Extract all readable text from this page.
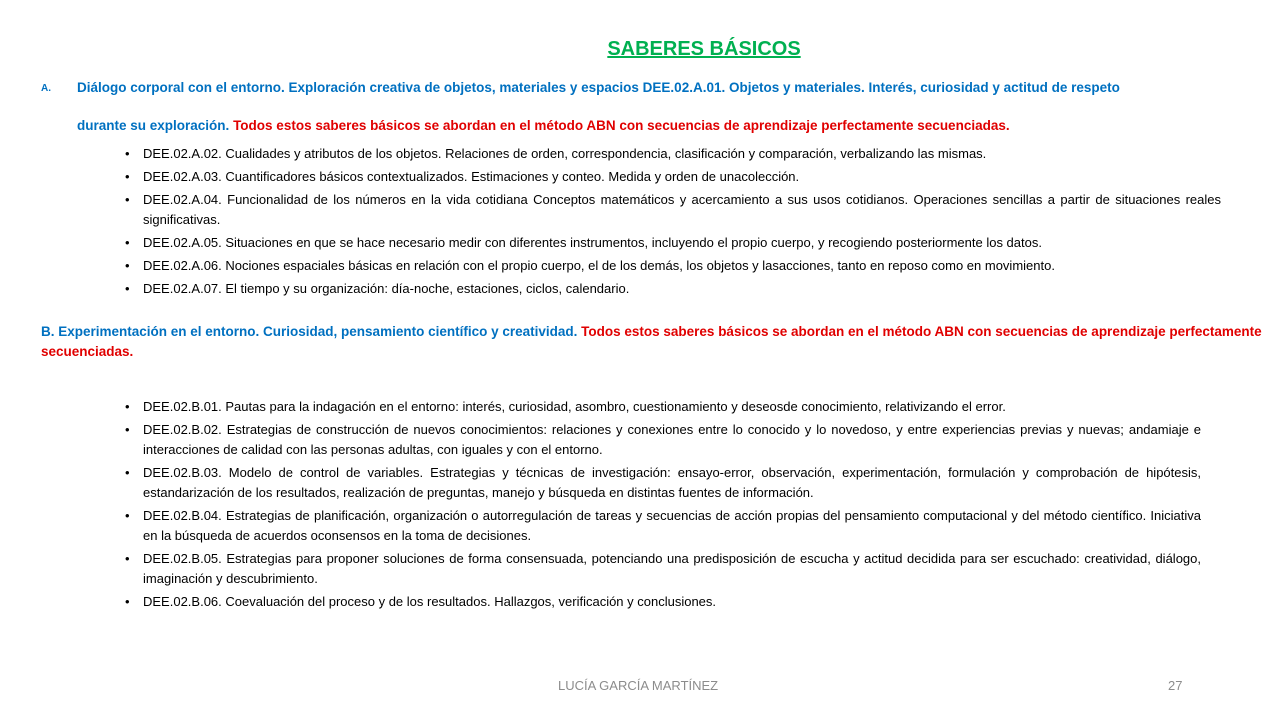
SABERES BÁSICOS
A. Diálogo corporal con el entorno. Exploración creativa de objetos, materiales y espacios DEE.02.A.01. Objetos y materiales. Interés, curiosidad y actitud de respeto
durante su exploración. Todos estos saberes básicos se abordan en el método ABN con secuencias de aprendizaje perfectamente secuenciadas.
• DEE.02.A.02. Cualidades y atributos de los objetos. Relaciones de orden, correspondencia, clasificación y comparación, verbalizando las mismas.
• DEE.02.A.03. Cuantificadores básicos contextualizados. Estimaciones y conteo. Medida y orden de unacolección.
• DEE.02.A.04. Funcionalidad de los números en la vida cotidiana Conceptos matemáticos y acercamiento a sus usos cotidianos. Operaciones sencillas a partir de situaciones reales significativas.
• DEE.02.A.05. Situaciones en que se hace necesario medir con diferentes instrumentos, incluyendo el propio cuerpo, y recogiendo posteriormente los datos.
• DEE.02.A.06. Nociones espaciales básicas en relación con el propio cuerpo, el de los demás, los objetos y lasacciones, tanto en reposo como en movimiento.
• DEE.02.A.07. El tiempo y su organización: día-noche, estaciones, ciclos, calendario.
B. Experimentación en el entorno. Curiosidad, pensamiento científico y creatividad. Todos estos saberes básicos se abordan en el método ABN con secuencias de aprendizaje perfectamente
secuenciadas.
• DEE.02.B.01. Pautas para la indagación en el entorno: interés, curiosidad, asombro, cuestionamiento y deseosde conocimiento, relativizando el error.
• DEE.02.B.02. Estrategias de construcción de nuevos conocimientos: relaciones y conexiones entre lo conocido y lo novedoso, y entre experiencias previas y nuevas; andamiaje e interacciones de calidad con las personas adultas, con iguales y con el entorno.
• DEE.02.B.03. Modelo de control de variables. Estrategias y técnicas de investigación: ensayo-error, observación, experimentación, formulación y comprobación de hipótesis, estandarización de los resultados, realización de preguntas, manejo y búsqueda en distintas fuentes de información.
• DEE.02.B.04. Estrategias de planificación, organización o autorregulación de tareas y secuencias de acción propias del pensamiento computacional y del método científico. Iniciativa en la búsqueda de acuerdos oconsensos en la toma de decisiones.
• DEE.02.B.05. Estrategias para proponer soluciones de forma consensuada, potenciando una predisposición de escucha y actitud decidida para ser escuchado: creatividad, diálogo, imaginación y descubrimiento.
• DEE.02.B.06. Coevaluación del proceso y de los resultados. Hallazgos, verificación y conclusiones.
LUCÍA GARCÍA MARTÍNEZ	27
